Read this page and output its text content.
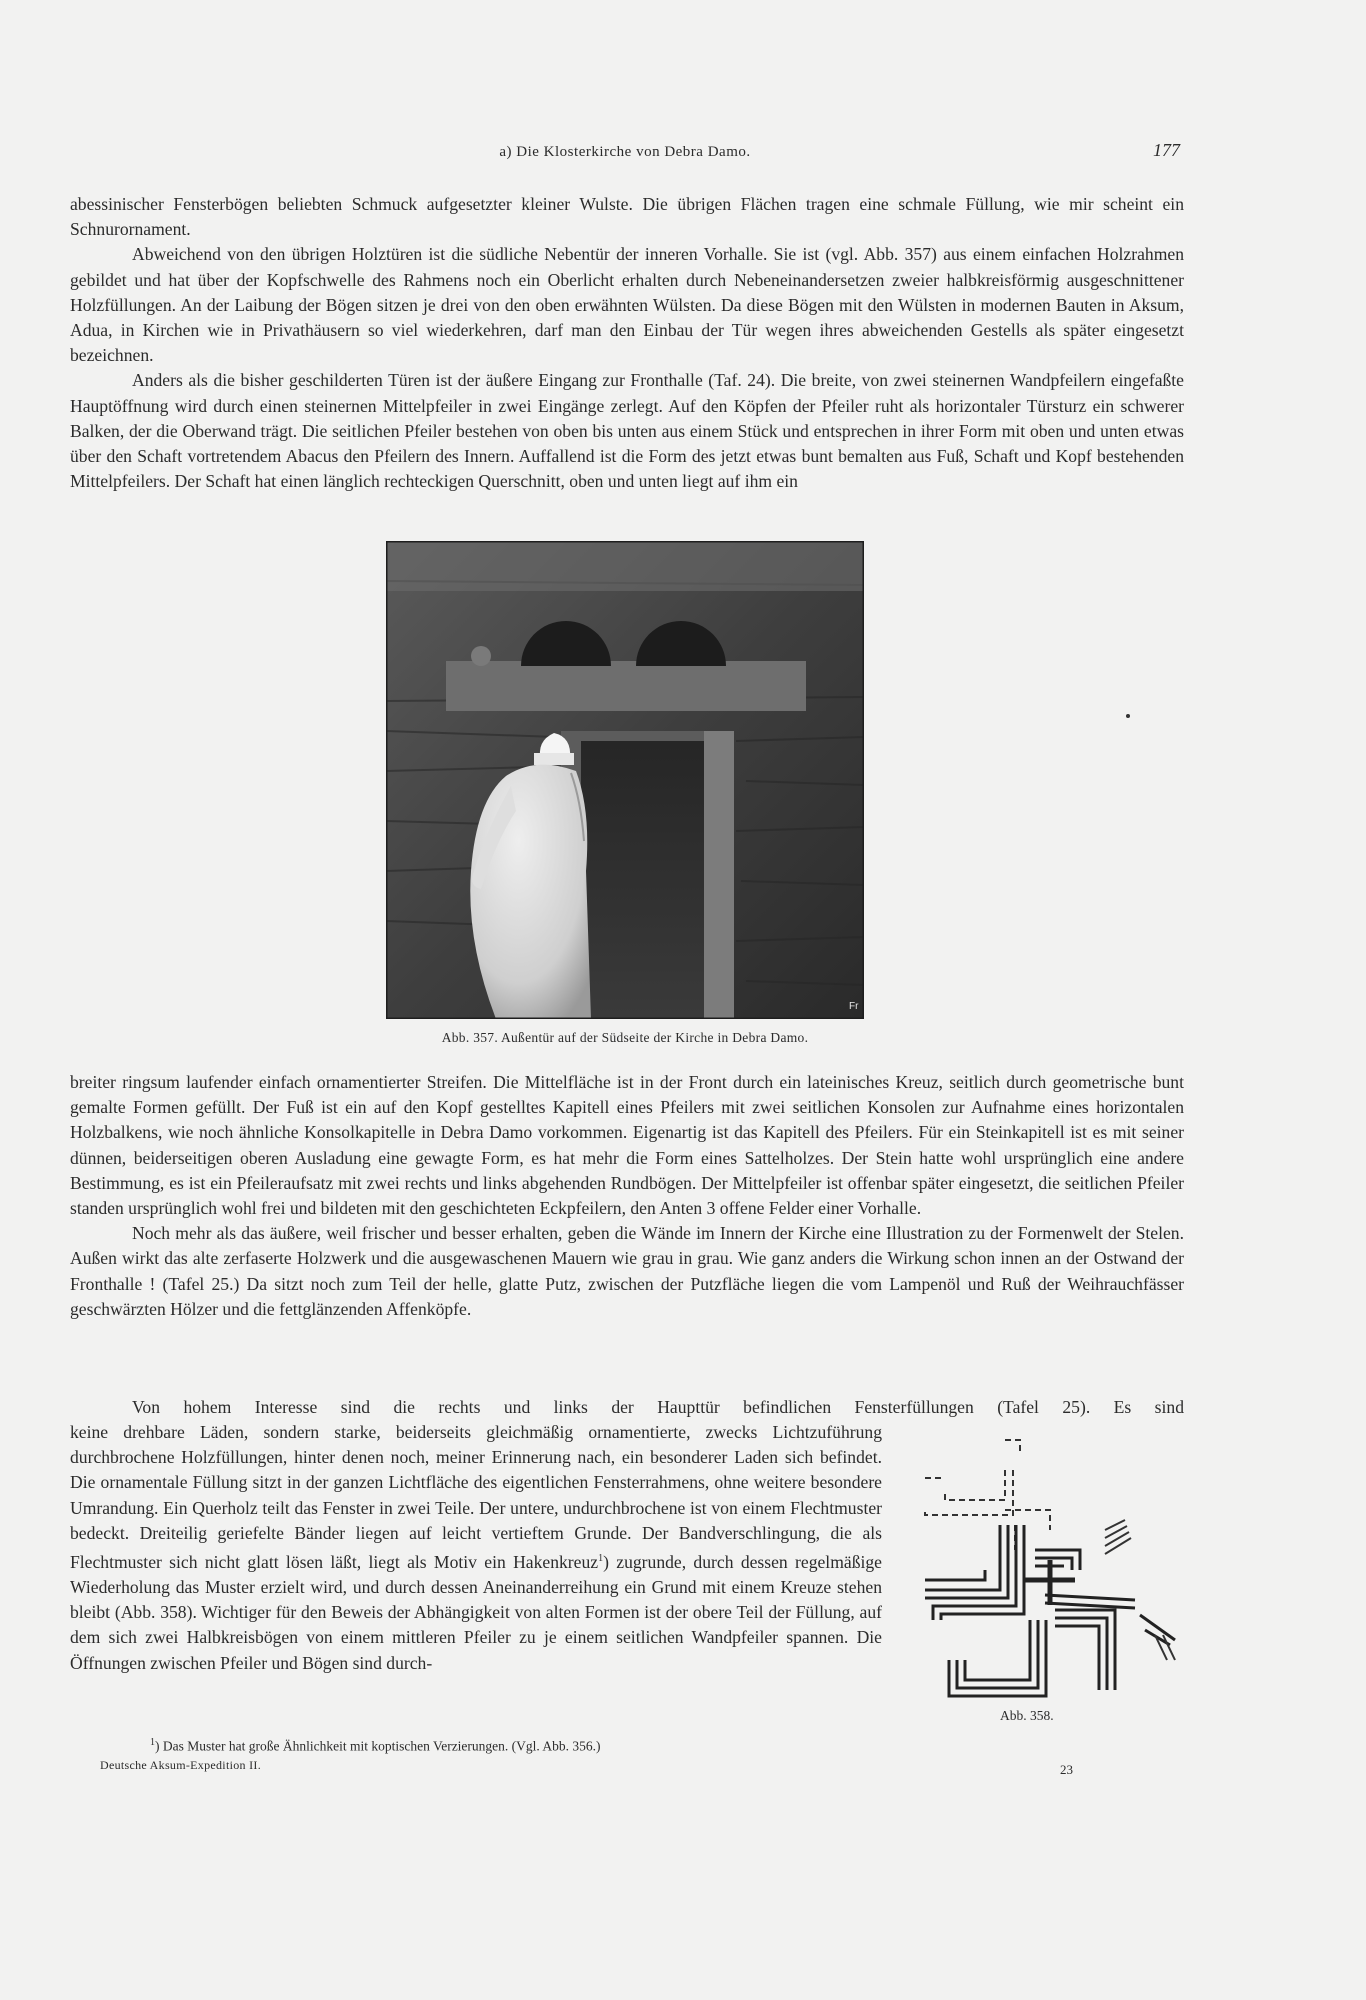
a) Die Klosterkirche von Debra Damo.	177

abessinischer Fensterbögen beliebten Schmuck aufgesetzter kleiner Wulste. Die übrigen Flächen tragen eine schmale Füllung, wie mir scheint ein Schnurornament.

Abweichend von den übrigen Holztüren ist die südliche Nebentür der inneren Vorhalle. Sie ist (vgl. Abb. 357) aus einem einfachen Holzrahmen gebildet und hat über der Kopfschwelle des Rahmens noch ein Oberlicht erhalten durch Nebeneinandersetzen zweier halbkreisförmig ausgeschnittener Holzfüllungen. An der Laibung der Bögen sitzen je drei von den oben erwähnten Wülsten. Da diese Bögen mit den Wülsten in modernen Bauten in Aksum, Adua, in Kirchen wie in Privathäusern so viel wiederkehren, darf man den Einbau der Tür wegen ihres abweichenden Gestells als später eingesetzt bezeichnen.

Anders als die bisher geschilderten Türen ist der äußere Eingang zur Fronthalle (Taf. 24). Die breite, von zwei steinernen Wandpfeilern eingefaßte Hauptöffnung wird durch einen steinernen Mittelpfeiler in zwei Eingänge zerlegt. Auf den Köpfen der Pfeiler ruht als horizontaler Türsturz ein schwerer Balken, der die Oberwand trägt. Die seitlichen Pfeiler bestehen von oben bis unten aus einem Stück und entsprechen in ihrer Form mit oben und unten etwas über den Schaft vortretendem Abacus den Pfeilern des Innern. Auffallend ist die Form des jetzt etwas bunt bemalten aus Fuß, Schaft und Kopf bestehenden Mittelpfeilers. Der Schaft hat einen länglich rechteckigen Querschnitt, oben und unten liegt auf ihm ein

Fr
Abb. 357. Außentür auf der Südseite der Kirche in Debra Damo.

breiter ringsum laufender einfach ornamentierter Streifen. Die Mittelfläche ist in der Front durch ein lateinisches Kreuz, seitlich durch geometrische bunt gemalte Formen gefüllt. Der Fuß ist ein auf den Kopf gestelltes Kapitell eines Pfeilers mit zwei seitlichen Konsolen zur Aufnahme eines horizontalen Holzbalkens, wie noch ähnliche Konsolkapitelle in Debra Damo vorkommen. Eigenartig ist das Kapitell des Pfeilers. Für ein Steinkapitell ist es mit seiner dünnen, beiderseitigen oberen Ausladung eine gewagte Form, es hat mehr die Form eines Sattelholzes. Der Stein hatte wohl ursprünglich eine andere Bestimmung, es ist ein Pfeileraufsatz mit zwei rechts und links abgehenden Rundbögen. Der Mittelpfeiler ist offenbar später eingesetzt, die seitlichen Pfeiler standen ursprünglich wohl frei und bildeten mit den geschichteten Eckpfeilern, den Anten 3 offene Felder einer Vorhalle.

Noch mehr als das äußere, weil frischer und besser erhalten, geben die Wände im Innern der Kirche eine Illustration zu der Formenwelt der Stelen. Außen wirkt das alte zerfaserte Holzwerk und die ausgewaschenen Mauern wie grau in grau. Wie ganz anders die Wirkung schon innen an der Ostwand der Fronthalle ! (Tafel 25.) Da sitzt noch zum Teil der helle, glatte Putz, zwischen der Putzfläche liegen die vom Lampenöl und Ruß der Weihrauchfässer geschwärzten Hölzer und die fettglänzenden Affenköpfe.

Von hohem Interesse sind die rechts und links der Haupttür befindlichen Fensterfüllungen (Tafel 25). Es sind

keine drehbare Läden, sondern starke, beiderseits gleichmäßig ornamentierte, zwecks Lichtzuführung durchbrochene Holzfüllungen, hinter denen noch, meiner Erinnerung nach, ein besonderer Laden sich befindet. Die ornamentale Füllung sitzt in der ganzen Lichtfläche des eigentlichen Fensterrahmens, ohne weitere besondere Umrandung. Ein Querholz teilt das Fenster in zwei Teile. Der untere, undurchbrochene ist von einem Flechtmuster bedeckt. Dreiteilig geriefelte Bänder liegen auf leicht vertieftem Grunde. Der Bandverschlingung, die als Flechtmuster sich nicht glatt lösen läßt, liegt als Motiv ein Hakenkreuz$^1$) zugrunde, durch dessen regelmäßige Wiederholung das Muster erzielt wird, und durch dessen Aneinanderreihung ein Grund mit einem Kreuze stehen bleibt (Abb. 358). Wichtiger für den Beweis der Abhängigkeit von alten Formen ist der obere Teil der Füllung, auf dem sich zwei Halbkreisbögen von einem mittleren Pfeiler zu je einem seitlichen Wandpfeiler spannen. Die Öffnungen zwischen Pfeiler und Bögen sind durch-

Abb. 358.
$^1$) Das Muster hat große Ähnlichkeit mit koptischen Verzierungen. (Vgl. Abb. 356.)
Deutsche Aksum-Expedition II.	23
